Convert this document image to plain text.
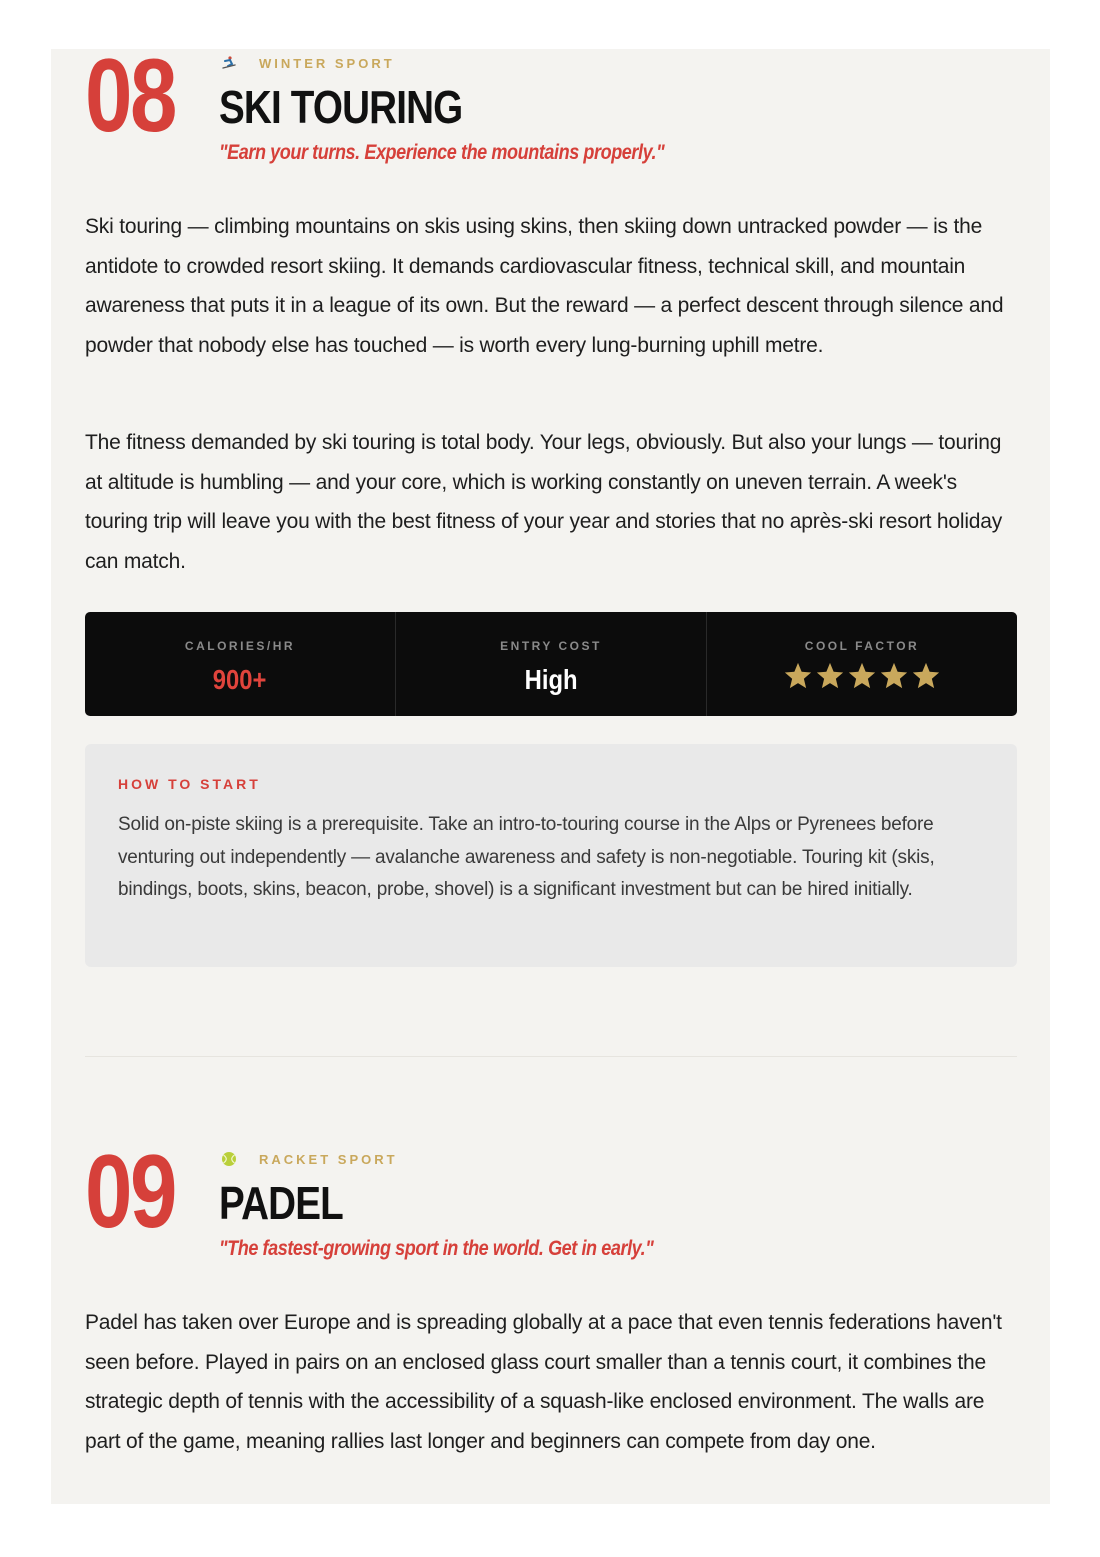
08	WINTER SPORT
SKI TOURING
"Earn your turns. Experience the mountains properly."

Ski touring — climbing mountains on skis using skins, then skiing down untracked powder — is the antidote to crowded resort skiing. It demands cardiovascular fitness, technical skill, and mountain awareness that puts it in a league of its own. But the reward — a perfect descent through silence and powder that nobody else has touched — is worth every lung-burning uphill metre.

The fitness demanded by ski touring is total body. Your legs, obviously. But also your lungs — touring at altitude is humbling — and your core, which is working constantly on uneven terrain. A week's touring trip will leave you with the best fitness of your year and stories that no après-ski resort holiday can match.

CALORIES/HR
900+
ENTRY COST
High
COOL FACTOR
HOW TO START

Solid on-piste skiing is a prerequisite. Take an intro-to-touring course in the Alps or Pyrenees before venturing out independently — avalanche awareness and safety is non-negotiable. Touring kit (skis, bindings, boots, skins, beacon, probe, shovel) is a significant investment but can be hired initially.

09	RACKET SPORT
PADEL
"The fastest-growing sport in the world. Get in early."

Padel has taken over Europe and is spreading globally at a pace that even tennis federations haven't seen before. Played in pairs on an enclosed glass court smaller than a tennis court, it combines the strategic depth of tennis with the accessibility of a squash-like enclosed environment. The walls are part of the game, meaning rallies last longer and beginners can compete from day one.
